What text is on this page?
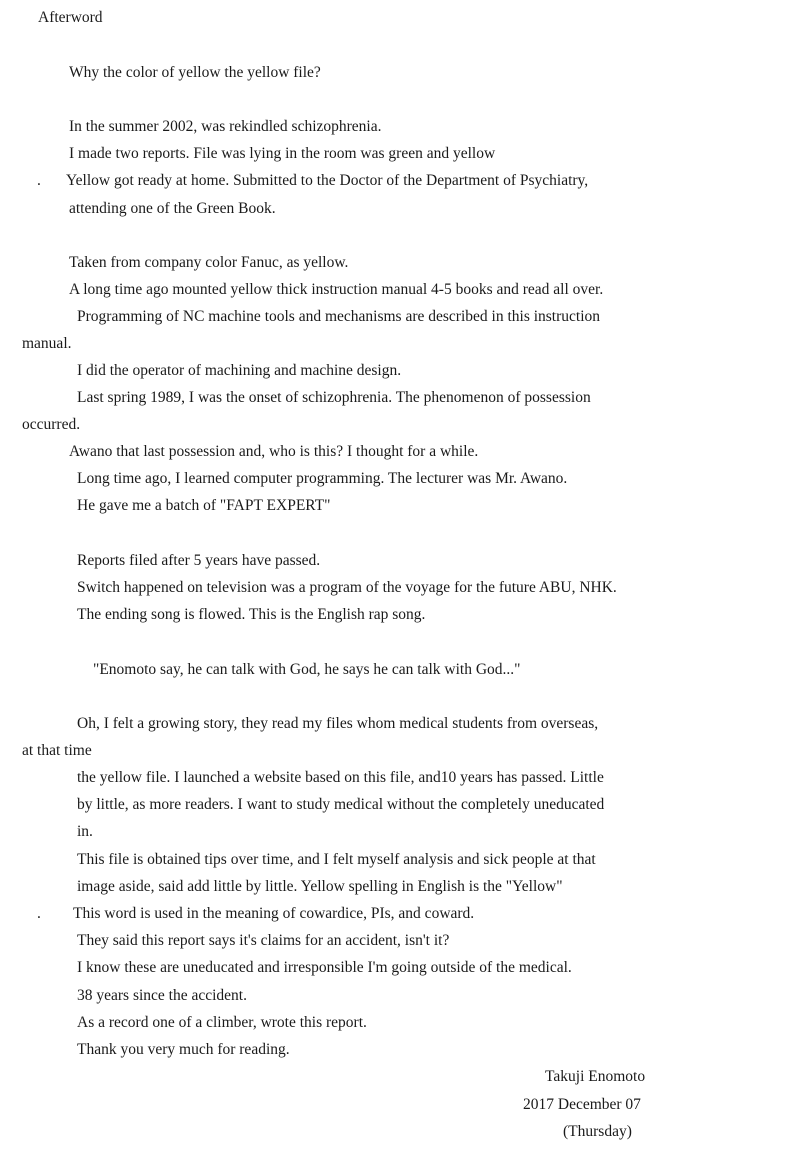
Afterword
Why the color of yellow the yellow file?
In the summer 2002, was rekindled schizophrenia.
I made two reports. File was lying in the room was green and yellow
. Yellow got ready at home. Submitted to the Doctor of the Department of Psychiatry,
attending one of the Green Book.
Taken from company color Fanuc, as yellow.
A long time ago mounted yellow thick instruction manual 4-5 books and read all over.
Programming of NC machine tools and mechanisms are described in this instruction
manual.
I did the operator of machining and machine design.
Last spring 1989, I was the onset of schizophrenia. The phenomenon of possession
occurred.
Awano that last possession and, who is this? I thought for a while.
Long time ago, I learned computer programming. The lecturer was Mr. Awano.
He gave me a batch of "FAPT EXPERT"
Reports filed after 5 years have passed.
Switch happened on television was a program of the voyage for the future ABU, NHK.
The ending song is flowed. This is the English rap song.
"Enomoto say, he can talk with God, he says he can talk with God..."
Oh, I felt a growing story, they read my files whom medical students from overseas,
at that time
the yellow file. I launched a website based on this file, and10 years has passed. Little
by little, as more readers. I want to study medical without the completely uneducated
in.
This file is obtained tips over time, and I felt myself analysis and sick people at that
image aside, said add little by little. Yellow spelling in English is the "Yellow"
. This word is used in the meaning of cowardice, PIs, and coward.
They said this report says it's claims for an accident, isn't it?
I know these are uneducated and irresponsible I'm going outside of the medical.
38 years since the accident.
As a record one of a climber, wrote this report.
Thank you very much for reading.
Takuji Enomoto
2017 December 07
(Thursday)
